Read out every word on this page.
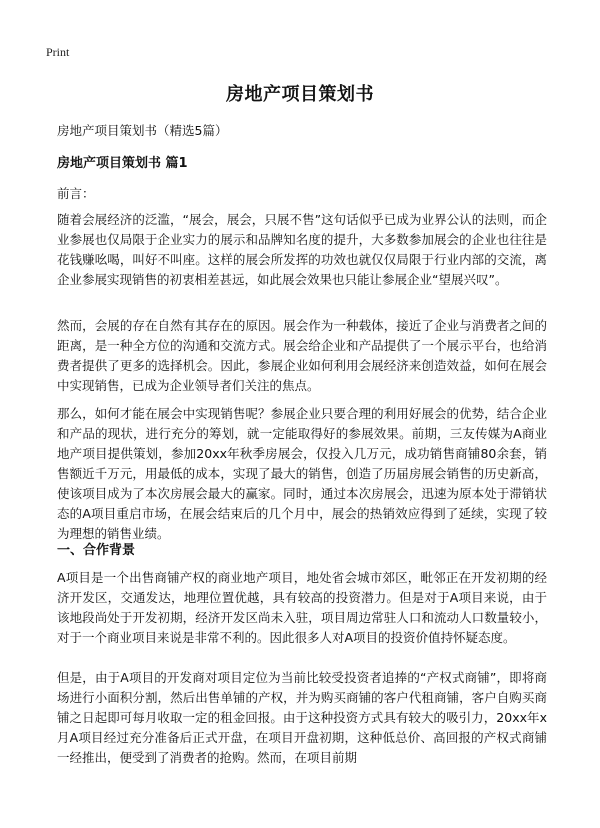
Print
房地产项目策划书
房地产项目策划书（精选5篇）
房地产项目策划书 篇1
前言：

随着会展经济的泛滥，“展会，展会，只展不售”这句话似乎已成为业界公认的法则，而企业参展也仅局限于企业实力的展示和品牌知名度的提升，大多数参加展会的企业也往往是花钱赚吆喝，叫好不叫座。这样的展会所发挥的功效也就仅仅局限于行业内部的交流，离企业参展实现销售的初衷相差甚远，如此展会效果也只能让参展企业“望展兴叹”。

然而，会展的存在自然有其存在的原因。展会作为一种载体，接近了企业与消费者之间的距离，是一种全方位的沟通和交流方式。展会给企业和产品提供了一个展示平台，也给消费者提供了更多的选择机会。因此，参展企业如何利用会展经济来创造效益，如何在展会中实现销售，已成为企业领导者们关注的焦点。

那么，如何才能在展会中实现销售呢？参展企业只要合理的利用好展会的优势，结合企业和产品的现状，进行充分的筹划，就一定能取得好的参展效果。前期，三友传媒为A商业地产项目提供策划，参加20xx年秋季房展会，仅投入几万元，成功销售商铺80余套，销售额近千万元，用最低的成本，实现了最大的销售，创造了历届房展会销售的历史新高，使该项目成为了本次房展会最大的赢家。同时，通过本次房展会，迅速为原本处于滞销状态的A项目重启市场，在展会结束后的几个月中，展会的热销效应得到了延续，实现了较为理想的销售业绩。

一、合作背景

A项目是一个出售商铺产权的商业地产项目，地处省会城市郊区，毗邻正在开发初期的经济开发区，交通发达，地理位置优越，具有较高的投资潜力。但是对于A项目来说，由于该地段尚处于开发初期，经济开发区尚未入驻，项目周边常驻人口和流动人口数量较小，对于一个商业项目来说是非常不利的。因此很多人对A项目的投资价值持怀疑态度。

但是，由于A项目的开发商对项目定位为当前比较受投资者追捧的“产权式商铺”，即将商场进行小面积分割，然后出售单铺的产权，并为购买商铺的客户代租商铺，客户自购买商铺之日起即可每月收取一定的租金回报。由于这种投资方式具有较大的吸引力，20xx年x月A项目经过充分准备后正式开盘，在项目开盘初期，这种低总价、高回报的产权式商铺一经推出，便受到了消费者的抢购。然而，在项目前期
